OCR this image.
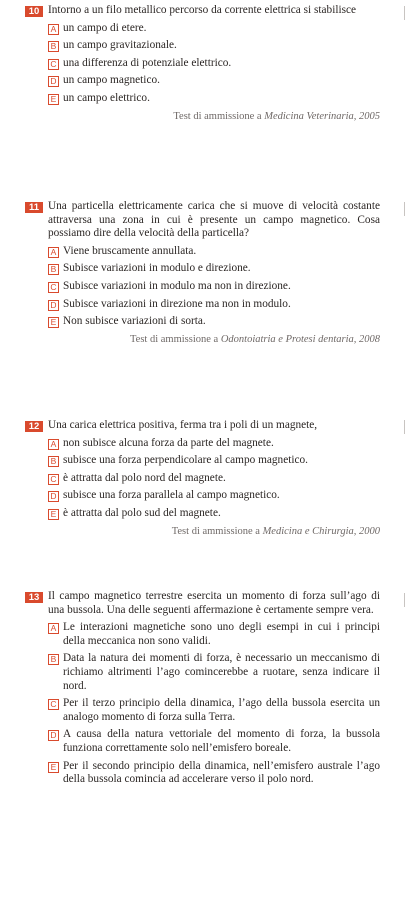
10 Intorno a un filo metallico percorso da corrente elettrica si stabilisce
A un campo di etere.
B un campo gravitazionale.
C una differenza di potenziale elettrico.
D un campo magnetico.
E un campo elettrico.
Test di ammissione a Medicina Veterinaria, 2005
11 Una particella elettricamente carica che si muove di velocità costante attraversa una zona in cui è presente un campo magnetico. Cosa possiamo dire della velocità della particella?
A Viene bruscamente annullata.
B Subisce variazioni in modulo e direzione.
C Subisce variazioni in modulo ma non in direzione.
D Subisce variazioni in direzione ma non in modulo.
E Non subisce variazioni di sorta.
Test di ammissione a Odontoiatria e Protesi dentaria, 2008
12 Una carica elettrica positiva, ferma tra i poli di un magnete,
A non subisce alcuna forza da parte del magnete.
B subisce una forza perpendicolare al campo magnetico.
C è attratta dal polo nord del magnete.
D subisce una forza parallela al campo magnetico.
E è attratta dal polo sud del magnete.
Test di ammissione a Medicina e Chirurgia, 2000
13 Il campo magnetico terrestre esercita un momento di forza sull’ago di una bussola. Una delle seguenti affermazione è certamente sempre vera.
A Le interazioni magnetiche sono uno degli esempi in cui i principi della meccanica non sono validi.
B Data la natura dei momenti di forza, è necessario un meccanismo di richiamo altrimenti l’ago comincerebbe a ruotare, senza indicare il nord.
C Per il terzo principio della dinamica, l’ago della bussola esercita un analogo momento di forza sulla Terra.
D A causa della natura vettoriale del momento di forza, la bussola funziona correttamente solo nell’emisfero boreale.
E Per il secondo principio della dinamica, nell’emisfero australe l’ago della bussola comincia ad accelerare verso il polo nord.
